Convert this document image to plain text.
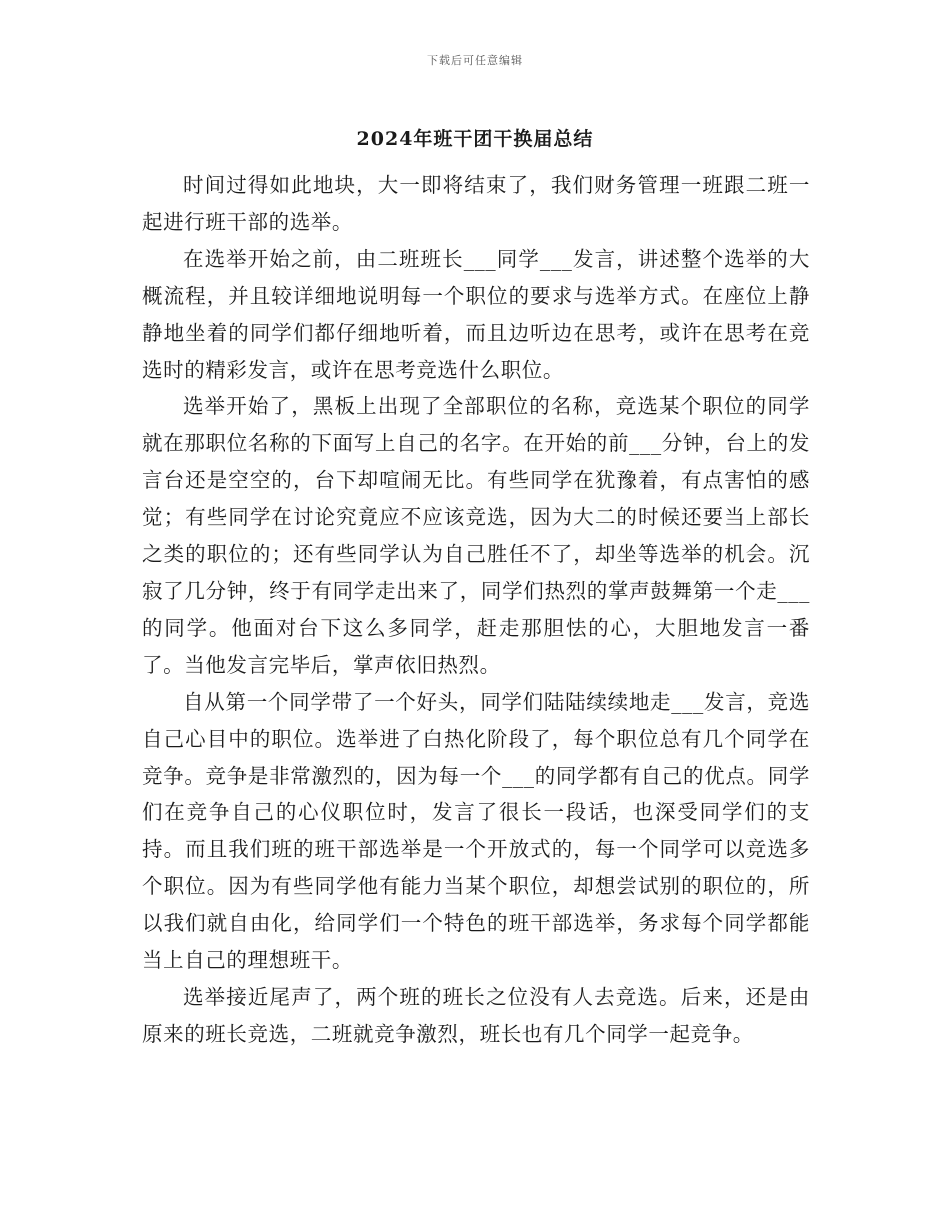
下载后可任意编辑
2024年班干团干换届总结

时间过得如此地块，大一即将结束了，我们财务管理一班跟二班一起进行班干部的选举。

在选举开始之前，由二班班长___同学___发言，讲述整个选举的大概流程，并且较详细地说明每一个职位的要求与选举方式。在座位上静静地坐着的同学们都仔细地听着，而且边听边在思考，或许在思考在竞选时的精彩发言，或许在思考竞选什么职位。

选举开始了，黑板上出现了全部职位的名称，竞选某个职位的同学就在那职位名称的下面写上自己的名字。在开始的前___分钟，台上的发言台还是空空的，台下却喧闹无比。有些同学在犹豫着，有点害怕的感觉；有些同学在讨论究竟应不应该竞选，因为大二的时候还要当上部长之类的职位的；还有些同学认为自己胜任不了，却坐等选举的机会。沉寂了几分钟，终于有同学走出来了，同学们热烈的掌声鼓舞第一个走___的同学。他面对台下这么多同学，赶走那胆怯的心，大胆地发言一番了。当他发言完毕后，掌声依旧热烈。

自从第一个同学带了一个好头，同学们陆陆续续地走___发言，竞选自己心目中的职位。选举进了白热化阶段了，每个职位总有几个同学在竞争。竞争是非常激烈的，因为每一个___的同学都有自己的优点。同学们在竞争自己的心仪职位时，发言了很长一段话，也深受同学们的支持。而且我们班的班干部选举是一个开放式的，每一个同学可以竞选多个职位。因为有些同学他有能力当某个职位，却想尝试别的职位的，所以我们就自由化，给同学们一个特色的班干部选举，务求每个同学都能当上自己的理想班干。

选举接近尾声了，两个班的班长之位没有人去竞选。后来，还是由原来的班长竞选，二班就竞争激烈，班长也有几个同学一起竞争。
